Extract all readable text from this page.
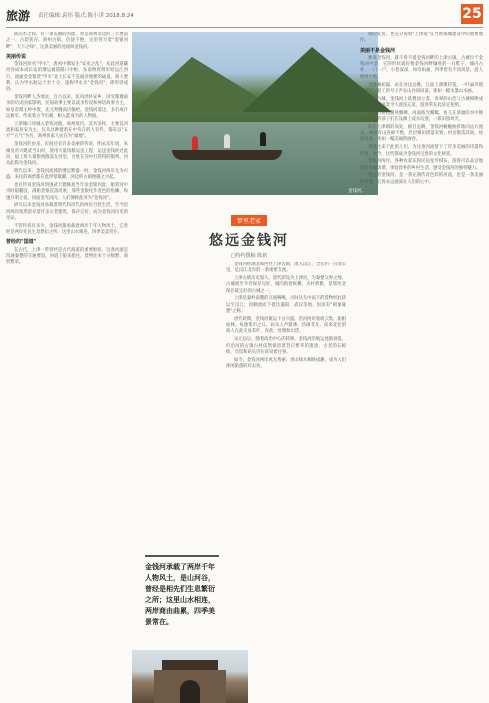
旅游 责任编辑:袁伟 版式:陈小讲 2018.8.24	25

陕山水之间，有一条美丽的河流，曾是商州北边的三大要道之一，古韵犹存。商州古街，信使不绝，这里曾写着"金银河畔"，天下之绿"，这条美丽的河流叫金钱河。

美丽传说

金钱河原名"甲水"，唐初中期发生"安史之乱"，从此河道藏河谷成本成长安的漕运通道路口中枢，东南物资明军经运江西行，流通金金银货"甲水"北上长安不是通济便捷的通道。商人要利，认为甲水航运十水十分，遂称甲水为"金钱河"，即形语成俗。

金钱河畔人杰地灵，自古以来，民风淳朴安乡，因受制豫战争的历史国家影响，民间故事主要以战争传说和神话故事为主，如皇帝派主岭中殷，先元拜腾高臣输给。金钱河道边，多有成片远树军，传说着古今历朝，相入能成为的人物演。

上津城口河城入金钱河地，商州境内，其名多样，主要以河流和家居安为主，仅从这种建筑在中央在的人有些，都有以"五方""五气"为名，商州客家人民在为"福地"。

金钱河的由来，民间还有许多美丽的传说，明永乐年间，朱棣皇帝兴建武当山时，使用大量钱粮运送工程，运送金钱经过此河，船工将大量银两散落在河里，百姓在河中打捞得的银两，河从此称为金钱河。

明代以来，金钱河流域的漕运繁盛一时，金钱河两岸尤为兴盛，来往的商贾都在此停留歇脚，河边的古镇便随之兴起。

也有传说金钱河周围武大德修真当年送金银到此，船到河中央时船翻沉，满船金银沉落河底，那些金银化作金色的鱼鳞，每逢月明之夜，河面金光闪闪，人们便称此河为"金钱河"。

研究以来金钱河承载着明代和清代的两岸百姓生活，至今沿河两岸依然留存着许多古老建筑，保存完好，成为金钱河历史的见证。

不管传说有多少，金钱河都承载着两岸千年人物风土，它曾经是两岸先民生息繁衍之所，这里山水相连，四季美景常在。

曾经的"国道"

在古代，上津一带曾经是古代商道的重要枢纽，这条河流是沟通秦楚的交通要道，河道上船来船往，货物往来十分频繁，商贸繁荣。

金钱河。
梦里老家
悠远金钱河
□特约撰稿 陈新

金钱河经湖北郧西县上津古镇，流入汉江，全长约一百余公里，是汉江北岸的一条重要支流。

上津古镇历史悠久，唐代即设为上津县，为秦楚交界之地，古城墙至今仍保存完好，城内街巷纵横，古朴典雅，是鄂西北保存最完好的古城之一。

上津是秦岭南麓的交通咽喉，古时从关中南下的货物经此转运至汉江，再顺流而下抵达襄阳、武汉等地，因而有"朝秦暮楚"之称。

唐代时期，金钱河航运十分兴盛，沿河两岸客商云集，船帆如林。每逢集市之日，码头人声鼎沸，热闹非凡，南来北往的商人在此交易茶叶、食盐、丝绸和山货。

宋元以后，随着政治中心的转移，金钱河的航运逐渐衰落，但沿河的古镇古村依然保留着昔日繁华的遗迹，古老的石板街、会馆和码头仍在诉说着往事。

如今，金钱河两岸风光秀丽，青山绿水相映成趣，成为人们休闲旅游的好去处。

周的发货，也充分说明"上津道"在当时都城建设中的重要地位。

美丽不是金钱河

要说金钱河，就不得不提金钱河畔的上津古镇。古城位于金钱河中游，它的形状就好像金钱河畔镶进的一只鞋子，城内古朴，一门一户，小巷深深，如诗如画，四季皆有不同风景，游人络绎不绝。

当晨曦初露，站在河边远眺，江面上薄雾轻笼，一叶扁舟缓缓驶过，船工的号子声在山谷间回荡，犹如一幅水墨山水画。

远望古城，金钱河上依偎而立着，青翠的山峦与古城相映成趣，秀丽的风景令人流连忘返，游客常在此驻足拍照。

河边的柳枝随风飘拂，河面波光粼粼，鱼儿在清澈的水中嬉戏，河边的孩子们在浅滩上戏水玩耍，一派田园风光。

站在上津镇的高处，极目远眺，金钱河蜿蜒曲折地向远方流去，两岸青山连绵不绝，层层梯田错落有致，村舍散落其间，炊烟袅袅，宛如一幅美丽的画卷。

曾经往来于此的人们，为这条河流留下了许多美丽的诗篇和传说，如今，这些都成为金钱河宝贵的文化财富。

金钱河两岸，各种农家乐和民宿星罗棋布，游客可以品尝地道的农家饭菜，体验淳朴的乡村生活，感受金钱河的独特魅力。

悠远的金钱河，是一条充满传奇色彩的河流，也是一条美丽的河流，它将永远流淌在人们的心中。

金钱河承载了两岸千年人物风土，是山河谷，曾经是相先们生息繁衍之所；这里山水相连，两岸商由曲累，四季美景常在。
